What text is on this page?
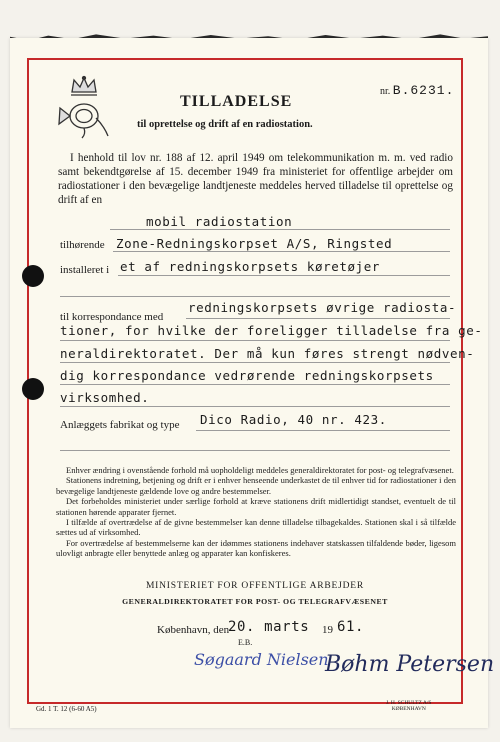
TILLADELSE
til oprettelse og drift af en radiostation.
nr. B.6231.
I henhold til lov nr. 188 af 12. april 1949 om telekommunikation m. m. ved radio samt bekendtgørelse af 15. december 1949 fra ministeriet for offentlige arbejder om radiostationer i den bevægelige landtjeneste meddeles herved tilladelse til oprettelse og drift af en
mobil radiostation
tilhørende Zone-Redningskorpset A/S, Ringsted
installeret i et af redningskorpsets køretøjer
til korrespondance med
redningskorpsets øvrige radiosta-
tioner, for hvilke der foreligger tilladelse fra ge-
neraldirektoratet. Der må kun føres strengt nødven-
dig korrespondance vedrørende redningskorpsets
virksomhed.
Anlæggets fabrikat og type Dico Radio, 40 nr. 423.

Enhver ændring i ovenstående forhold må uopholdeligt meddeles generaldirektoratet for post- og telegrafvæsenet.

Stationens indretning, betjening og drift er i enhver henseende underkastet de til enhver tid for radiostationer i den bevægelige landtjeneste gældende love og andre bestemmelser.

Det forbeholdes ministeriet under særlige forhold at kræve stationens drift midlertidigt standset, eventuelt de til stationen hørende apparater fjernet.

I tilfælde af overtrædelse af de givne bestemmelser kan denne tilladelse tilbagekaldes. Stationen skal i så tilfælde sættes ud af virksomhed.

For overtrædelse af bestemmelserne kan der idømmes stationens indehaver statskassen tilfaldende bøder, ligesom ulovligt anbragte eller benyttede anlæg og apparater kan konfiskeres.

MINISTERIET FOR OFFENTLIGE ARBEJDER
GENERALDIREKTORATET FOR POST- OG TELEGRAFVÆSENET
København, den
20. marts 19 61.
E.B.
Søgaard Nielsen
Bøhm Petersen
Gd. 1 T. 12 (6-60 A5)
J. H. SCHULTZ A/S
KØBENHAVN
